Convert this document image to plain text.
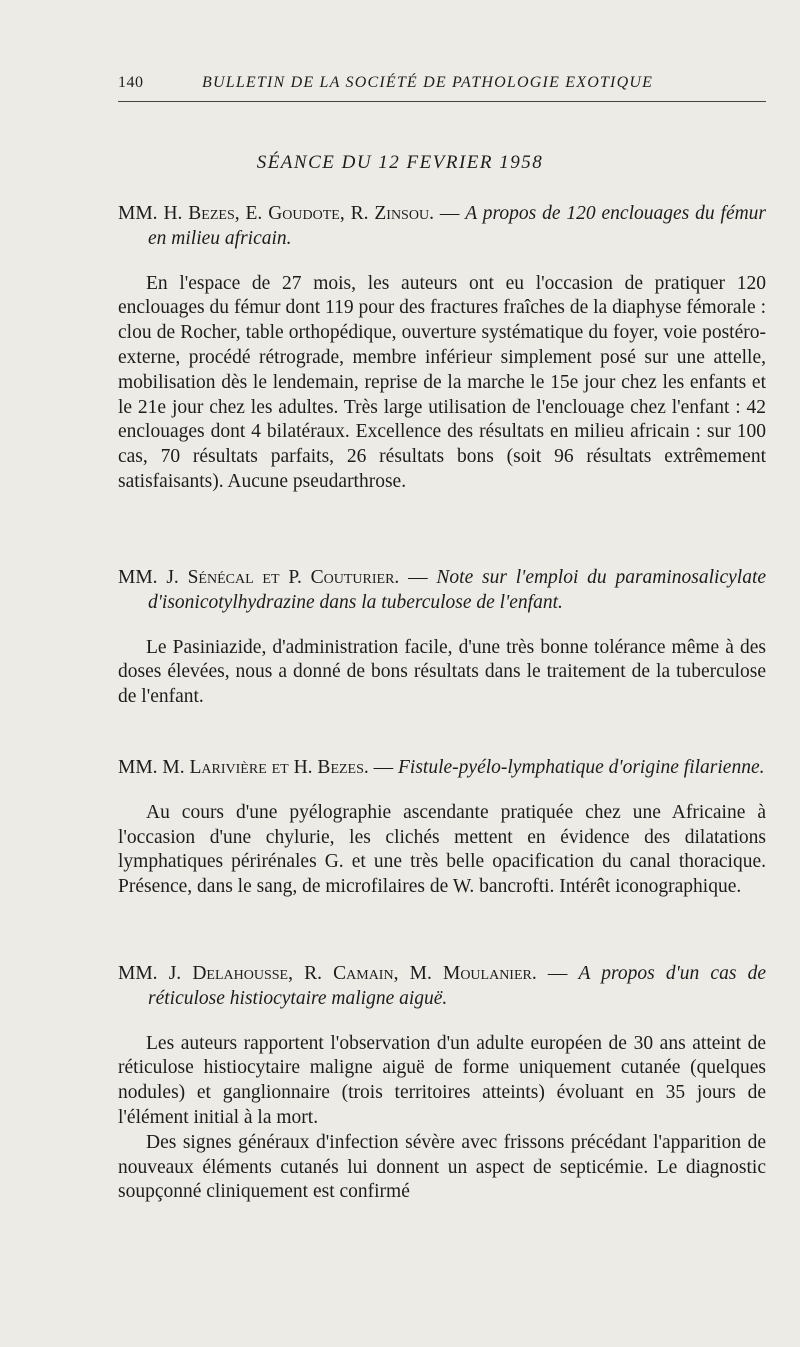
140	BULLETIN DE LA SOCIÉTÉ DE PATHOLOGIE EXOTIQUE
SÉANCE DU 12 FEVRIER 1958
MM. H. Bezes, E. Goudote, R. Zinsou. — A propos de 120 enclouages du fémur en milieu africain.

En l'espace de 27 mois, les auteurs ont eu l'occasion de pratiquer 120 enclouages du fémur dont 119 pour des fractures fraîches de la diaphyse fémorale : clou de Rocher, table orthopédique, ouverture systématique du foyer, voie postéro-externe, procédé rétrograde, membre inférieur simplement posé sur une attelle, mobilisation dès le lendemain, reprise de la marche le 15e jour chez les enfants et le 21e jour chez les adultes. Très large utilisation de l'enclouage chez l'enfant : 42 enclouages dont 4 bilatéraux. Excellence des résultats en milieu africain : sur 100 cas, 70 résultats parfaits, 26 résultats bons (soit 96 résultats extrêmement satisfaisants). Aucune pseudarthrose.

MM. J. Sénécal et P. Couturier. — Note sur l'emploi du paraminosalicylate d'isonicotylhydrazine dans la tuberculose de l'enfant.

Le Pasiniazide, d'administration facile, d'une très bonne tolérance même à des doses élevées, nous a donné de bons résultats dans le traitement de la tuberculose de l'enfant.

MM. M. Larivière et H. Bezes. — Fistule-pyélo-lymphatique d'origine filarienne.

Au cours d'une pyélographie ascendante pratiquée chez une Africaine à l'occasion d'une chylurie, les clichés mettent en évidence des dilatations lymphatiques périrénales G. et une très belle opacification du canal thoracique. Présence, dans le sang, de microfilaires de W. bancrofti. Intérêt iconographique.

MM. J. Delahousse, R. Camain, M. Moulanier. — A propos d'un cas de réticulose histiocytaire maligne aiguë.

Les auteurs rapportent l'observation d'un adulte européen de 30 ans atteint de réticulose histiocytaire maligne aiguë de forme uniquement cutanée (quelques nodules) et ganglionnaire (trois territoires atteints) évoluant en 35 jours de l'élément initial à la mort.

Des signes généraux d'infection sévère avec frissons précédant l'apparition de nouveaux éléments cutanés lui donnent un aspect de septicémie. Le diagnostic soupçonné cliniquement est confirmé
